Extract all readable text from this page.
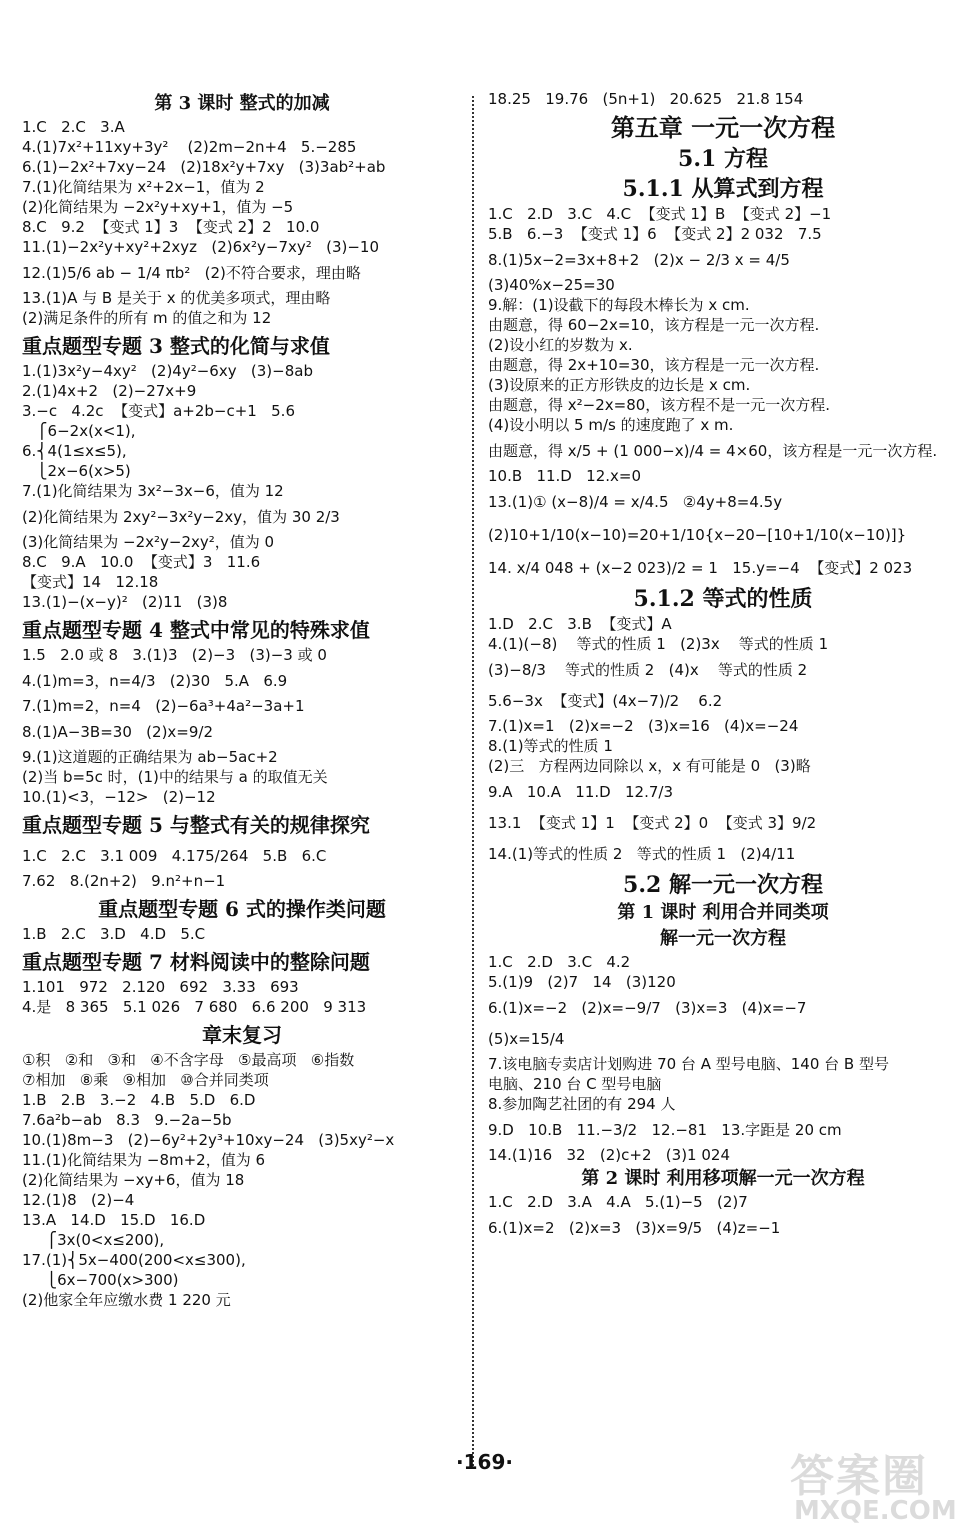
第 3 课时 整式的加减
1.C   2.C   3.A
4.(1)7x²+11xy+3y²    (2)2m−2n+4   5.−285
6.(1)−2x²+7xy−24   (2)18x²y+7xy   (3)3ab²+ab
7.(1)化简结果为 x²+2x−1，值为 2
(2)化简结果为 −2x²y+xy+1，值为 −5
8.C   9.2  【变式 1】3  【变式 2】2   10.0
11.(1)−2x²y+xy²+2xyz   (2)6x²y−7xy²   (3)−10
12.(1)5/6 ab − 1/4 πb²   (2)不符合要求，理由略
13.(1)A 与 B 是关于 x 的优美多项式，理由略
(2)满足条件的所有 m 的值之和为 12
重点题型专题 3 整式的化简与求值
1.(1)3x²y−4xy²   (2)4y²−6xy   (3)−8ab
2.(1)4x+2   (2)−27x+9
3.−c   4.2c  【变式】a+2b−c+1   5.6
⎧6−2x(x<1),
6.⎨4(1≤x≤5),
⎩2x−6(x>5)
7.(1)化简结果为 3x²−3x−6，值为 12
(2)化简结果为 2xy²−3x²y−2xy，值为 30 2/3
(3)化简结果为 −2x²y−2xy²，值为 0
8.C   9.A   10.0  【变式】3   11.6
【变式】14   12.18
13.(1)−(x−y)²   (2)11   (3)8
重点题型专题 4 整式中常见的特殊求值
1.5   2.0 或 8   3.(1)3   (2)−3   (3)−3 或 0
4.(1)m=3，n=4/3   (2)30   5.A   6.9
7.(1)m=2，n=4   (2)−6a³+4a²−3a+1
8.(1)A−3B=30   (2)x=9/2
9.(1)这道题的正确结果为 ab−5ac+2
(2)当 b=5c 时，(1)中的结果与 a 的取值无关
10.(1)<3，−12>   (2)−12
重点题型专题 5 与整式有关的规律探究
1.C   2.C   3.1 009   4.175/264   5.B   6.C
7.62   8.(2n+2)   9.n²+n−1
重点题型专题 6 式的操作类问题
1.B   2.C   3.D   4.D   5.C
重点题型专题 7 材料阅读中的整除问题
1.101   972   2.120   692   3.33   693
4.是   8 365   5.1 026   7 680   6.6 200   9 313
章末复习
①积   ②和   ③和   ④不含字母   ⑤最高项   ⑥指数
⑦相加   ⑧乘   ⑨相加   ⑩合并同类项
1.B   2.B   3.−2   4.B   5.D   6.D
7.6a²b−ab   8.3   9.−2a−5b
10.(1)8m−3   (2)−6y²+2y³+10xy−24   (3)5xy²−x
11.(1)化简结果为 −8m+2，值为 6
(2)化简结果为 −xy+6，值为 18
12.(1)8   (2)−4
13.A   14.D   15.D   16.D
⎧3x(0<x≤200),
17.(1)⎨5x−400(200<x≤300),
⎩6x−700(x>300)
(2)他家全年应缴水费 1 220 元
18.25   19.76   (5n+1)   20.625   21.8 154
第五章 一元一次方程
5.1 方程
5.1.1 从算式到方程
1.C   2.D   3.C   4.C  【变式 1】B  【变式 2】−1
5.B   6.−3  【变式 1】6  【变式 2】2 032   7.5
8.(1)5x−2=3x+8+2   (2)x − 2/3 x = 4/5
(3)40%x−25=30
9.解：(1)设截下的每段木棒长为 x cm.
由题意，得 60−2x=10，该方程是一元一次方程.
(2)设小红的岁数为 x.
由题意，得 2x+10=30，该方程是一元一次方程.
(3)设原来的正方形铁皮的边长是 x cm.
由题意，得 x²−2x=80，该方程不是一元一次方程.
(4)设小明以 5 m/s 的速度跑了 x m.
由题意，得 x/5 + (1 000−x)/4 = 4×60，该方程是一元一次方程.
10.B   11.D   12.x=0
13.(1)① (x−8)/4 = x/4.5   ②4y+8=4.5y
(2)10+1/10(x−10)=20+1/10{x−20−[10+1/10(x−10)]}
14. x/4 048 + (x−2 023)/2 = 1   15.y=−4  【变式】2 023
5.1.2 等式的性质
1.D   2.C   3.B  【变式】A
4.(1)(−8)    等式的性质 1   (2)3x    等式的性质 1
(3)−8/3    等式的性质 2   (4)x    等式的性质 2
5.6−3x  【变式】(4x−7)/2    6.2
7.(1)x=1   (2)x=−2   (3)x=16   (4)x=−24
8.(1)等式的性质 1
(2)三   方程两边同除以 x，x 有可能是 0   (3)略
9.A   10.A   11.D   12.7/3
13.1  【变式 1】1  【变式 2】0  【变式 3】9/2
14.(1)等式的性质 2   等式的性质 1   (2)4/11
5.2 解一元一次方程
第 1 课时 利用合并同类项
解一元一次方程
1.C   2.D   3.C   4.2
5.(1)9   (2)7   14   (3)120
6.(1)x=−2   (2)x=−9/7   (3)x=3   (4)x=−7
(5)x=15/4
7.该电脑专卖店计划购进 70 台 A 型号电脑、140 台 B 型号
电脑、210 台 C 型号电脑
8.参加陶艺社团的有 294 人
9.D   10.B   11.−3/2   12.−81   13.字距是 20 cm
14.(1)16   32   (2)c+2   (3)1 024
第 2 课时 利用移项解一元一次方程
1.C   2.D   3.A   4.A   5.(1)−5   (2)7
6.(1)x=2   (2)x=3   (3)x=9/5   (4)z=−1
·169·	答案圈
MXQE.COM
